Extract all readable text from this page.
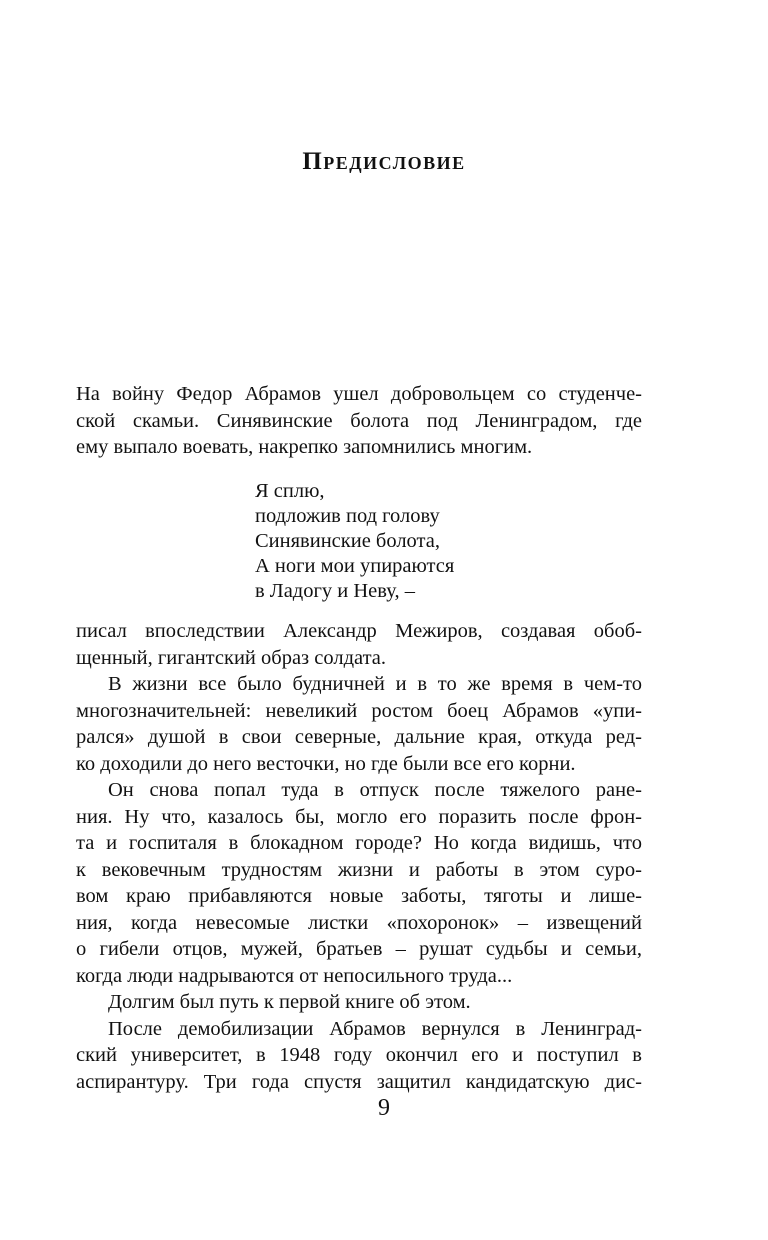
Предисловие
На войну Федор Абрамов ушел добровольцем со студенче-
ской скамьи. Синявинские болота под Ленинградом, где
ему выпало воевать, накрепко запомнились многим.
Я сплю,
подложив под голову
Синявинские болота,
А ноги мои упираются
в Ладогу и Неву, –
писал впоследствии Александр Межиров, создавая обоб-
щенный, гигантский образ солдата.
В жизни все было будничней и в то же время в чем-то
многозначительней: невеликий ростом боец Абрамов «упи-
рался» душой в свои северные, дальние края, откуда ред-
ко доходили до него весточки, но где были все его корни.
Он снова попал туда в отпуск после тяжелого ране-
ния. Ну что, казалось бы, могло его поразить после фрон-
та и госпиталя в блокадном городе? Но когда видишь, что
к вековечным трудностям жизни и работы в этом суро-
вом краю прибавляются новые заботы, тяготы и лише-
ния, когда невесомые листки «похоронок» – извещений
о гибели отцов, мужей, братьев – рушат судьбы и семьи,
когда люди надрываются от непосильного труда...
Долгим был путь к первой книге об этом.
После демобилизации Абрамов вернулся в Ленинград-
ский университет, в 1948 году окончил его и поступил в
аспирантуру. Три года спустя защитил кандидатскую дис-
9
